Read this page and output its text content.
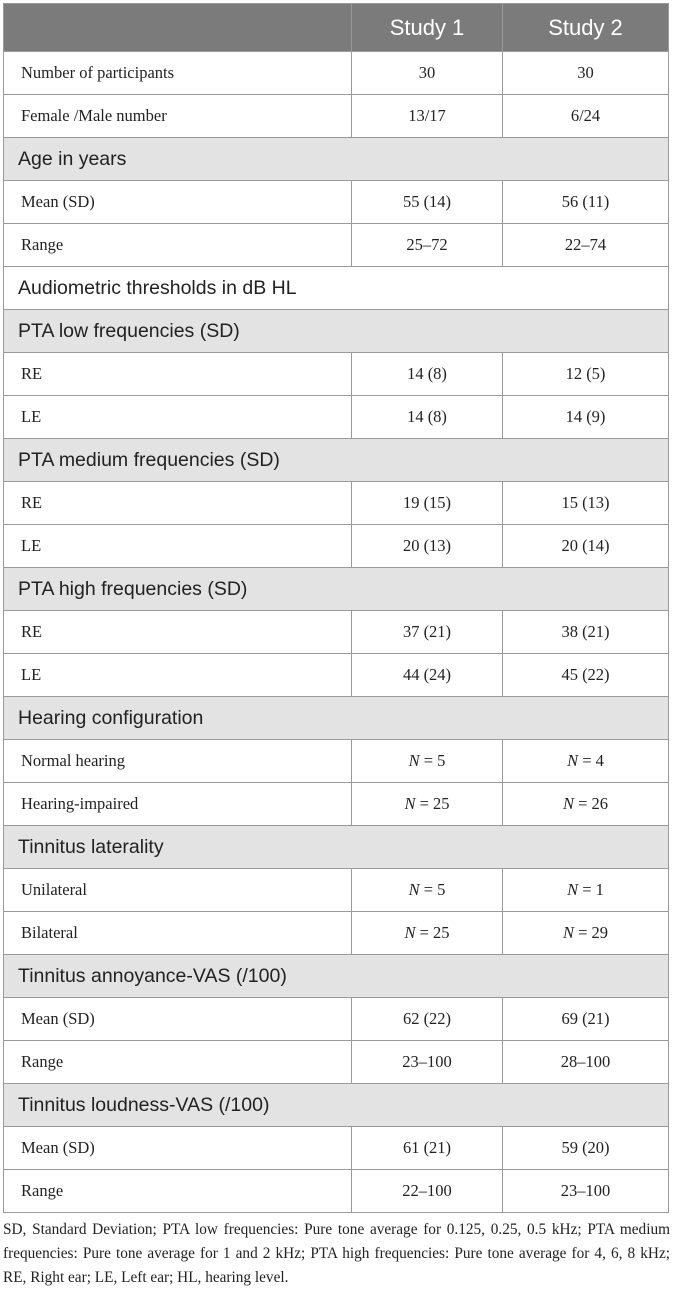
	Study 1	Study 2
Number of participants	30	30
Female /Male number	13/17	6/24
Age in years		
Mean (SD)	55 (14)	56 (11)
Range	25–72	22–74
Audiometric thresholds in dB HL		
PTA low frequencies (SD)		
RE	14 (8)	12 (5)
LE	14 (8)	14 (9)
PTA medium frequencies (SD)		
RE	19 (15)	15 (13)
LE	20 (13)	20 (14)
PTA high frequencies (SD)		
RE	37 (21)	38 (21)
LE	44 (24)	45 (22)
Hearing configuration		
Normal hearing	N = 5	N = 4
Hearing-impaired	N = 25	N = 26
Tinnitus laterality		
Unilateral	N = 5	N = 1
Bilateral	N = 25	N = 29
Tinnitus annoyance-VAS (/100)		
Mean (SD)	62 (22)	69 (21)
Range	23–100	28–100
Tinnitus loudness-VAS (/100)		
Mean (SD)	61 (21)	59 (20)
Range	22–100	23–100
SD, Standard Deviation; PTA low frequencies: Pure tone average for 0.125, 0.25, 0.5 kHz; PTA medium frequencies: Pure tone average for 1 and 2 kHz; PTA high frequencies: Pure tone average for 4, 6, 8 kHz; RE, Right ear; LE, Left ear; HL, hearing level.
